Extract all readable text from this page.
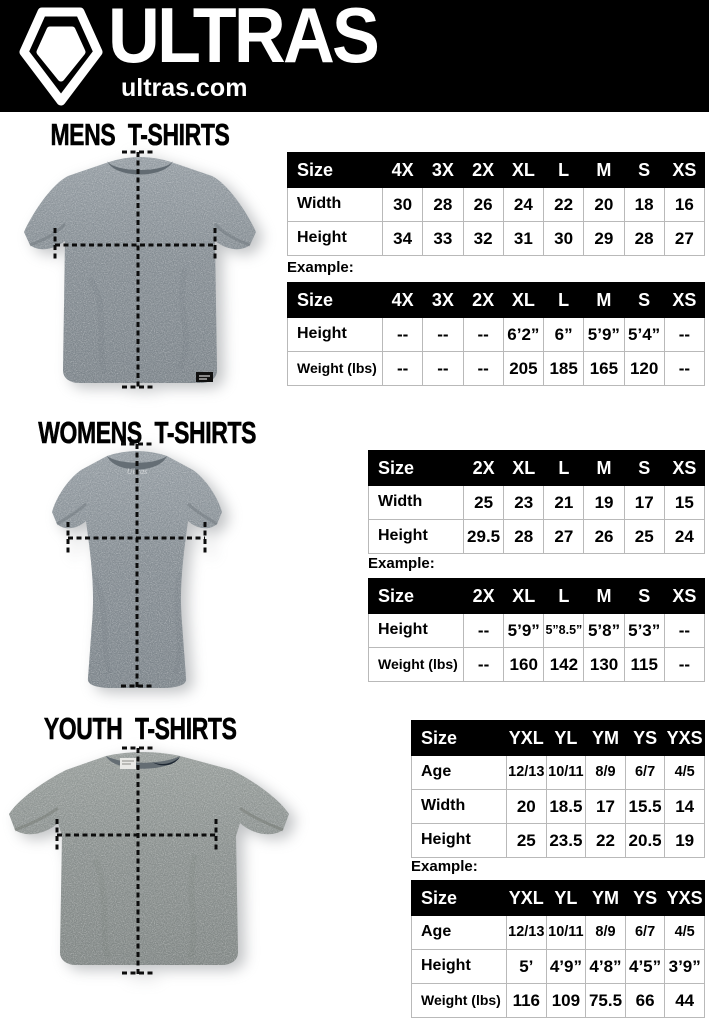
ULTRAS
ultras.com
MENS T-SHIRTS
Size	4X	3X	2X	XL	L	M	S	XS
Width	30	28	26	24	22	20	18	16
Height	34	33	32	31	30	29	28	27
Example:
Size	4X	3X	2X	XL	L	M	S	XS
Height	--	--	--	6’2”	6”	5’9”	5’4”	--
Weight (lbs)	--	--	--	205	185	165	120	--
WOMENS T-SHIRTS
Ultras	Size	2X	XL	L	M	S	XS
Width	25	23	21	19	17	15
Height	29.5	28	27	26	25	24
Example:
Size	2X	XL	L	M	S	XS
Height	--	5’9”	5”8.5”	5’8”	5’3”	--
Weight (lbs)	--	160	142	130	115	--
YOUTH T-SHIRTS	Size	YXL	YL	YM	YS	YXS
Age	12/13	10/11	8/9	6/7	4/5
Width	20	18.5	17	15.5	14
Height	25	23.5	22	20.5	19
Example:
Size	YXL	YL	YM	YS	YXS
Age	12/13	10/11	8/9	6/7	4/5
Height	5’	4’9”	4’8”	4’5”	3’9”
Weight (lbs)	116	109	75.5	66	44
